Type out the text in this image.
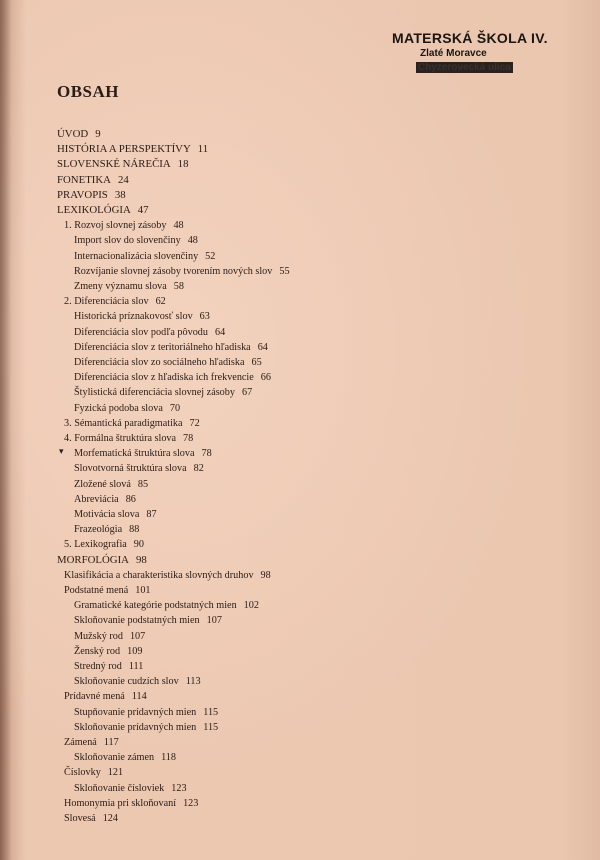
MATERSKÁ ŠKOLA IV.
Zlaté Moravce
Chyzerovecká ulica
OBSAH
ÚVOD 9
HISTÓRIA A PERSPEKTÍVY 11
SLOVENSKÉ NÁREČIA 18
FONETIKA 24
PRAVOPIS 38
LEXIKOLÓGIA 47
1. Rozvoj slovnej zásoby 48
Import slov do slovenčiny 48
Internacionalizácia slovenčiny 52
Rozvíjanie slovnej zásoby tvorením nových slov 55
Zmeny významu slova 58
2. Diferenciácia slov 62
Historická príznakovosť slov 63
Diferenciácia slov podľa pôvodu 64
Diferenciácia slov z teritoriálneho hľadiska 64
Diferenciácia slov zo sociálneho hľadiska 65
Diferenciácia slov z hľadiska ich frekvencie 66
Štylistická diferenciácia slovnej zásoby 67
Fyzická podoba slova 70
3. Sémantická paradigmatika 72
4. Formálna štruktúra slova 78
Morfematická štruktúra slova 78
Slovotvorná štruktúra slova 82
Zložené slová 85
Abreviácia 86
Motivácia slova 87
Frazeológia 88
5. Lexikografia 90
MORFOLÓGIA 98
Klasifikácia a charakteristika slovných druhov 98
Podstatné mená 101
Gramatické kategórie podstatných mien 102
Skloňovanie podstatných mien 107
Mužský rod 107
Ženský rod 109
Stredný rod 111
Skloňovanie cudzích slov 113
Prídavné mená 114
Stupňovanie prídavných mien 115
Skloňovanie prídavných mien 115
Zámená 117
Skloňovanie zámen 118
Číslovky 121
Skloňovanie čísloviek 123
Homonymia pri skloňovaní 123
Slovesá 124
▾
